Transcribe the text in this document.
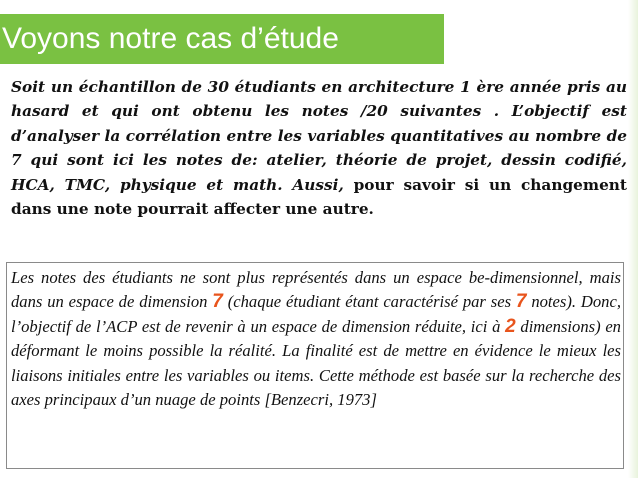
Voyons notre cas d’étude

Soit un échantillon de 30 étudiants en architecture 1 ère année pris au hasard et qui ont obtenu les notes /20 suivantes . L’objectif est d’analyser la corrélation entre les variables quantitatives au nombre de 7 qui sont ici les notes de: atelier, théorie de projet, dessin codifié, HCA, TMC, physique et math. Aussi, pour savoir si un changement dans une note pourrait affecter une autre.

Les notes des étudiants ne sont plus représentés dans un espace be-dimensionnel, mais dans un espace de dimension 7 (chaque étudiant étant caractérisé par ses 7 notes). Donc, l’objectif de l’ACP est de revenir à un espace de dimension réduite, ici à 2 dimensions) en déformant le moins possible la réalité. La finalité est de mettre en évidence le mieux les liaisons initiales entre les variables ou items. Cette méthode est basée sur la recherche des axes principaux d’un nuage de points [Benzecri, 1973]
